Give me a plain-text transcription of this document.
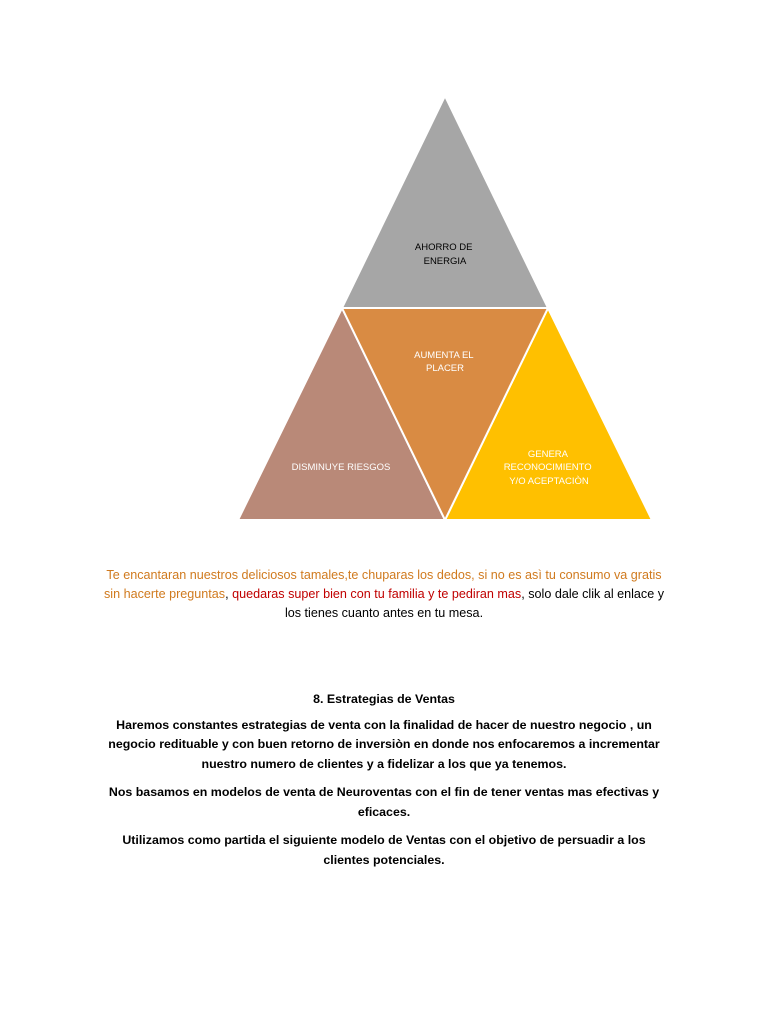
AHORRO DE ENERGIA
AUMENTA EL PLACER
DISMINUYE RIESGOS
GENERA RECONOCIMIENTO Y/O ACEPTACIÒN
Te encantaran nuestros deliciosos tamales,te chuparas los dedos, si no es asì tu consumo va gratis sin hacerte preguntas, quedaras super bien con tu familia y te pediran mas, solo dale clik al enlace y los tienes cuanto antes en tu mesa.
8. Estrategias de Ventas

Haremos constantes estrategias de venta con la finalidad de hacer de nuestro negocio , un negocio redituable y con buen retorno de inversiòn en donde nos enfocaremos a incrementar nuestro numero de clientes y a fidelizar a los que ya tenemos.

Nos basamos en modelos de venta de Neuroventas con el fin de tener ventas mas efectivas y eficaces.

Utilizamos como partida el siguiente modelo de Ventas con el objetivo de persuadir a los clientes potenciales.
